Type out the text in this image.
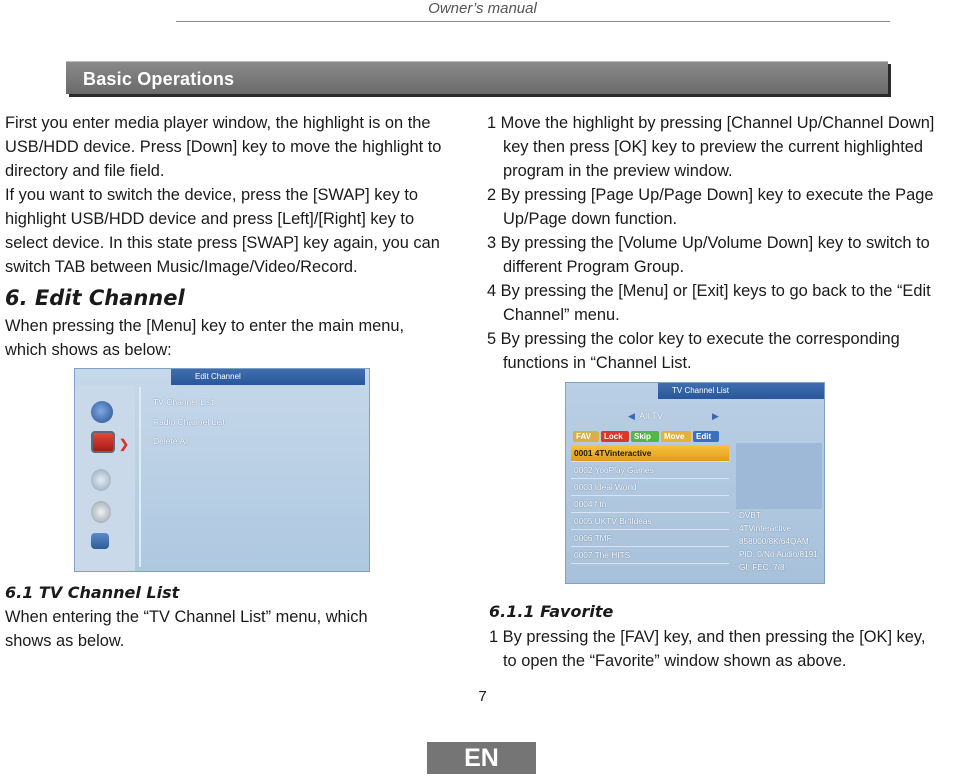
Owner’s manual
Basic Operations
First you enter media player window, the highlight is on the
USB/HDD device. Press [Down] key to move the highlight to
directory and file field.
If you want to switch the device, press the [SWAP] key to
highlight USB/HDD device and press [Left]/[Right] key to
select device. In this state press [SWAP] key again, you can
switch TAB between Music/Image/Video/Record.
6. Edit Channel
When pressing the [Menu] key to enter the main menu,
which shows as below:
1 Move the highlight by pressing [Channel Up/Channel Down]
key then press [OK] key to preview the current highlighted
program in the preview window.
2 By pressing [Page Up/Page Down] key to execute the Page
Up/Page down function.
3 By pressing the [Volume Up/Volume Down] key to switch to
different Program Group.
4 By pressing the [Menu] or [Exit] keys to go back to the “Edit
Channel” menu.
5 By pressing the color key to execute the corresponding
functions in “Channel List.
Edit Channel
❯
TV Channel List
Radio Channel List
Delete All
TV Channel List
◀ All TV	▶
FAV	Lock	Skip	Move	Edit
0001 4TVinteractive
0002 YooPlay Games
0003 Ideal World
0004 f tn
0005 UKTV Br'tIdeas
0006 TMF
0007 The HITS
DVBT
4TVinteractive
858000/8K/64QAM
PID: 0/No Audio/8191
GI: FEC: 7/8
6.1 TV Channel List
When entering the “TV Channel List” menu, which
shows as below.
6.1.1 Favorite
1 By pressing the [FAV] key, and then pressing the [OK] key,
to open the “Favorite” window shown as above.
7
EN
